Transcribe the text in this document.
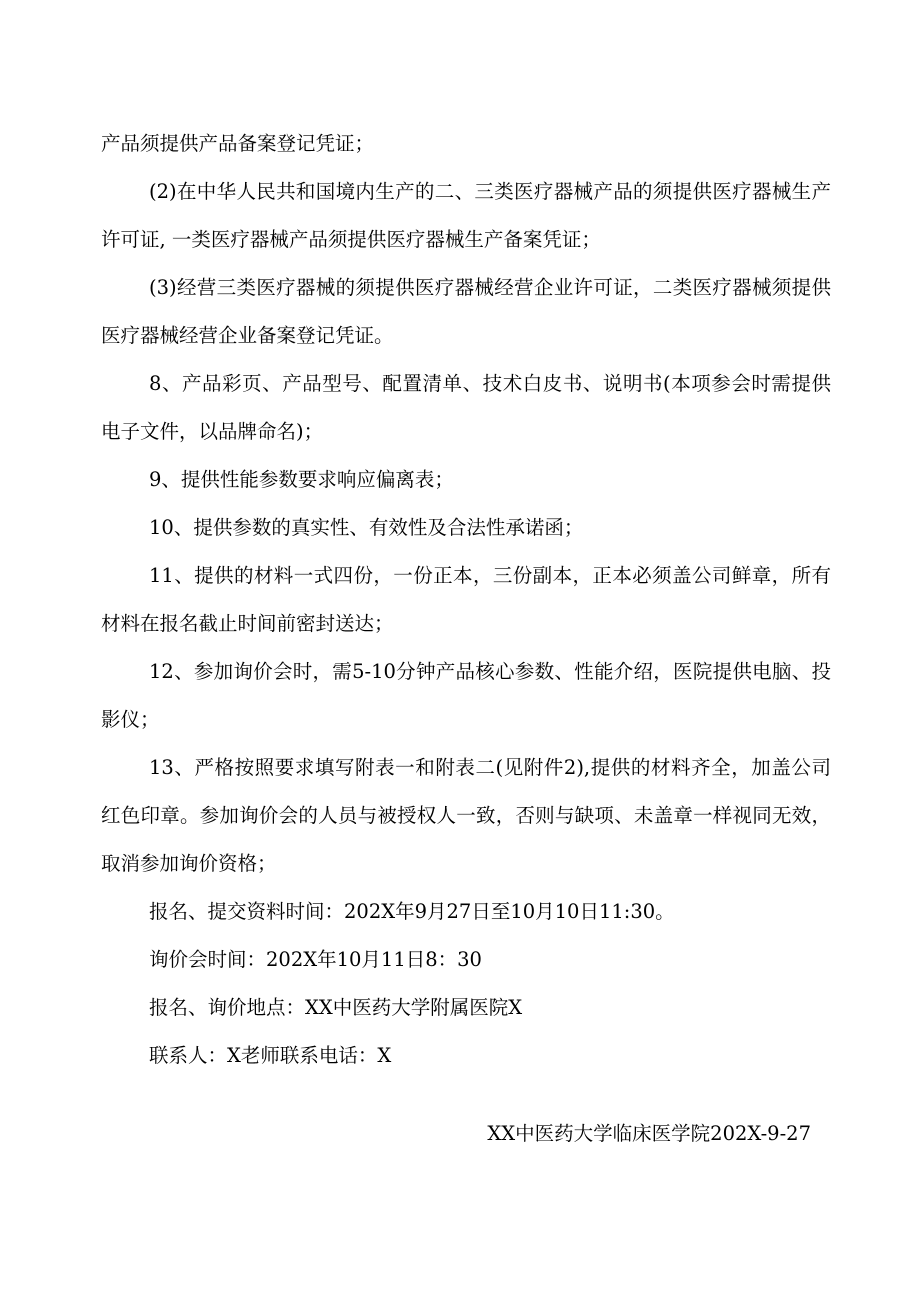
产品须提供产品备案登记凭证；

(2)在中华人民共和国境内生产的二、三类医疗器械产品的须提供医疗器械生产许可证, 一类医疗器械产品须提供医疗器械生产备案凭证；

(3)经营三类医疗器械的须提供医疗器械经营企业许可证，二类医疗器械须提供医疗器械经营企业备案登记凭证。

8、产品彩页、产品型号、配置清单、技术白皮书、说明书(本项参会时需提供电子文件，以品牌命名)；

9、提供性能参数要求响应偏离表；

10、提供参数的真实性、有效性及合法性承诺函；

11、提供的材料一式四份，一份正本，三份副本，正本必须盖公司鲜章，所有材料在报名截止时间前密封送达；

12、参加询价会时，需5-10分钟产品核心参数、性能介绍，医院提供电脑、投影仪；

13、严格按照要求填写附表一和附表二(见附件2),提供的材料齐全，加盖公司红色印章。参加询价会的人员与被授权人一致，否则与缺项、未盖章一样视同无效，取消参加询价资格；

报名、提交资料时间：202X年9月27日至10月10日11:30。

询价会时间：202X年10月11日8：30

报名、询价地点：XX中医药大学附属医院X

联系人：X老师联系电话：X

XX中医药大学临床医学院202X-9-27
